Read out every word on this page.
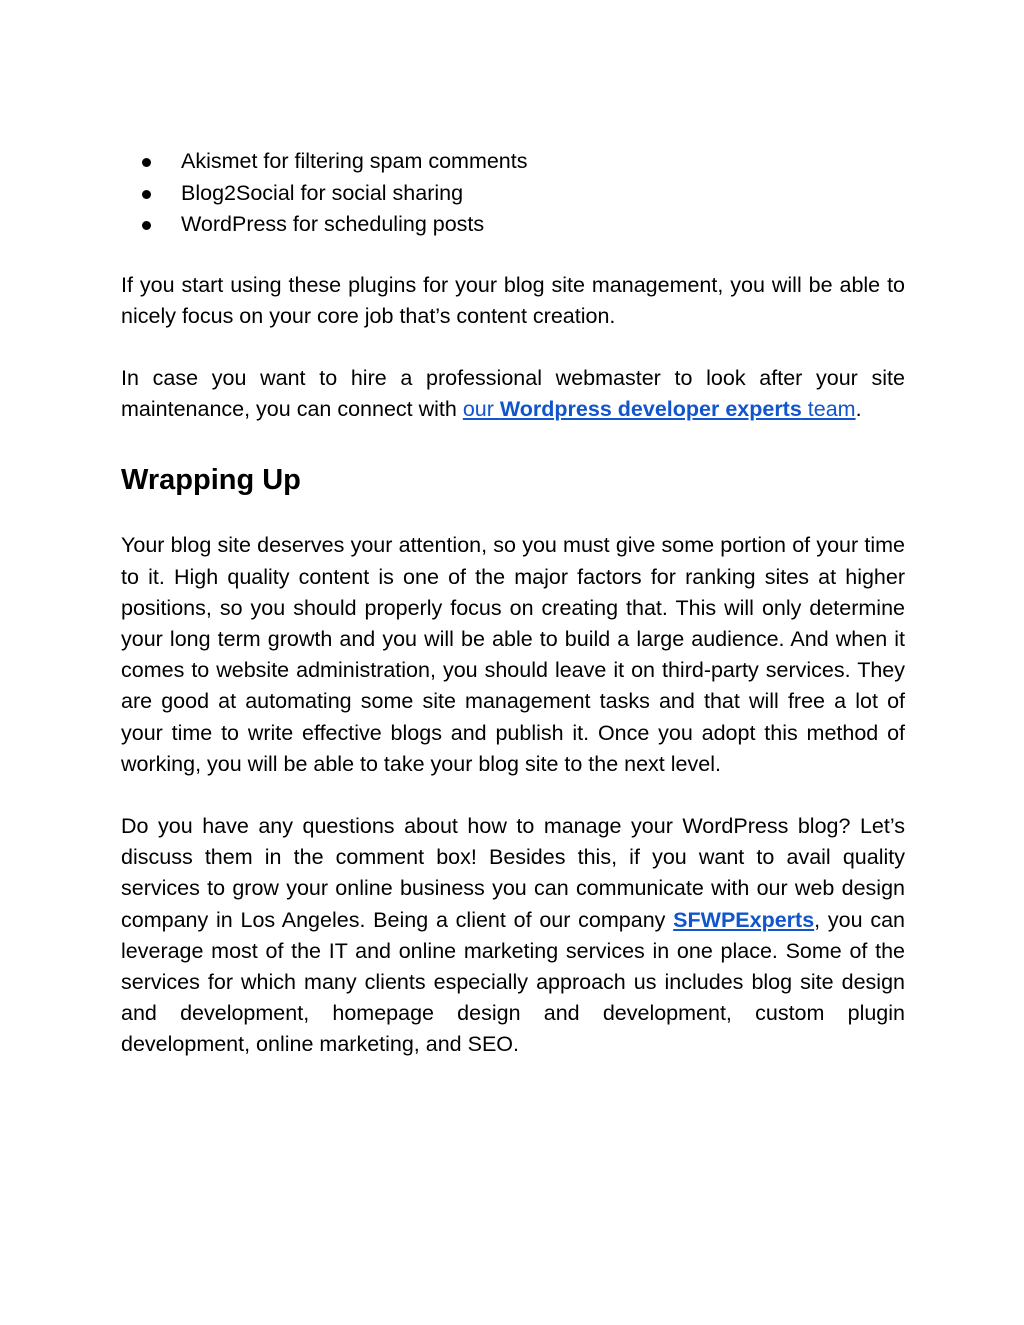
Akismet for filtering spam comments
Blog2Social for social sharing
WordPress for scheduling posts

If you start using these plugins for your blog site management, you will be able to nicely focus on your core job that’s content creation.

In case you want to hire a professional webmaster to look after your site maintenance, you can connect with our Wordpress developer experts team.

Wrapping Up

Your blog site deserves your attention, so you must give some portion of your time to it. High quality content is one of the major factors for ranking sites at higher positions, so you should properly focus on creating that. This will only determine your long term growth and you will be able to build a large audience. And when it comes to website administration, you should leave it on third-party services. They are good at automating some site management tasks and that will free a lot of your time to write effective blogs and publish it. Once you adopt this method of working, you will be able to take your blog site to the next level.

Do you have any questions about how to manage your WordPress blog? Let’s discuss them in the comment box! Besides this, if you want to avail quality services to grow your online business you can communicate with our web design company in Los Angeles. Being a client of our company SFWPExperts, you can leverage most of the IT and online marketing services in one place. Some of the services for which many clients especially approach us includes blog site design and development, homepage design and development, custom plugin development, online marketing, and SEO.
